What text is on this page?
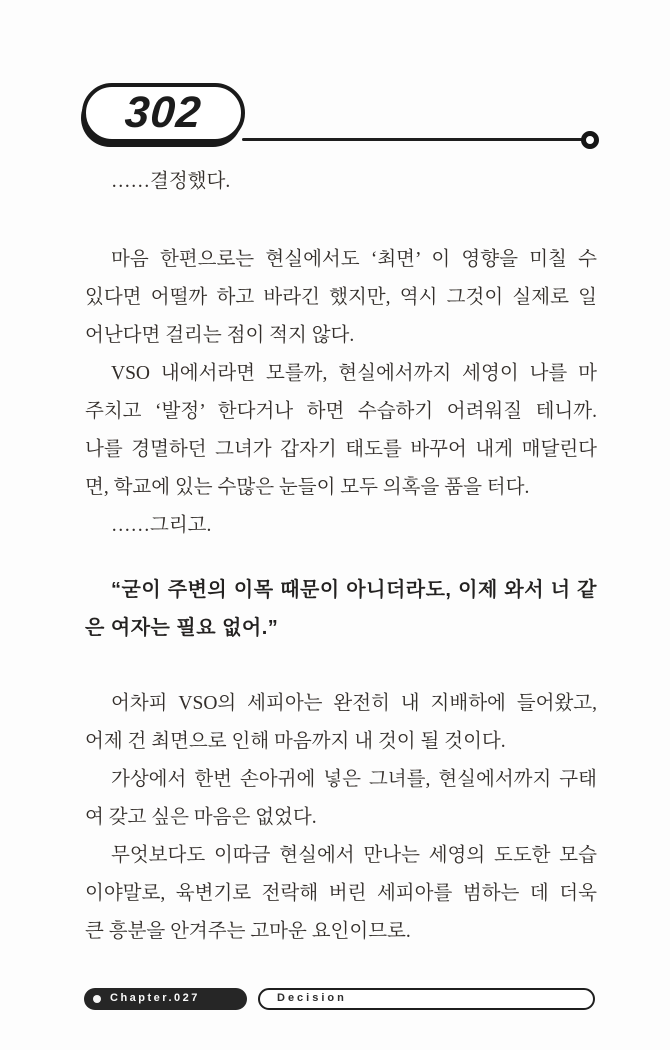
302

……결정했다.

마음 한편으로는 현실에서도 ‘최면’ 이 영향을 미칠 수
있다면 어떨까 하고 바라긴 했지만, 역시 그것이 실제로 일
어난다면 걸리는 점이 적지 않다.

VSO 내에서라면 모를까, 현실에서까지 세영이 나를 마
주치고 ‘발정’ 한다거나 하면 수습하기 어려워질 테니까.
나를 경멸하던 그녀가 갑자기 태도를 바꾸어 내게 매달린다
면, 학교에 있는 수많은 눈들이 모두 의혹을 품을 터다.

……그리고.

“굳이 주변의 이목 때문이 아니더라도, 이제 와서 너 같
은 여자는 필요 없어.”

어차피 VSO의 세피아는 완전히 내 지배하에 들어왔고,
어제 건 최면으로 인해 마음까지 내 것이 될 것이다.

가상에서 한번 손아귀에 넣은 그녀를, 현실에서까지 구태
여 갖고 싶은 마음은 없었다.

무엇보다도 이따금 현실에서 만나는 세영의 도도한 모습
이야말로, 육변기로 전락해 버린 세피아를 범하는 데 더욱
큰 흥분을 안겨주는 고마운 요인이므로.

Chapter.027	Decision
